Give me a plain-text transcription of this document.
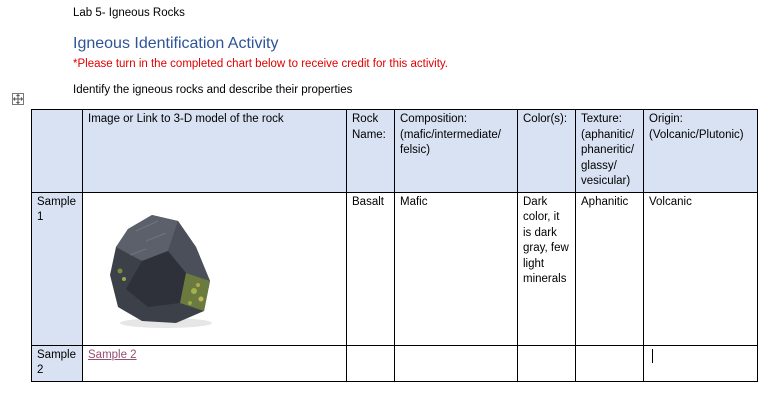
Lab 5- Igneous Rocks
Igneous Identification Activity
*Please turn in the completed chart below to receive credit for this activity.
Identify the igneous rocks and describe their properties
	Image or Link to 3-D model of the rock	Rock Name:	Composition: (mafic/intermediate/ felsic)	Color(s):	Texture: (aphanitic/ phaneritic/ glassy/ vesicular)	Origin: (Volcanic/Plutonic)
Sample 1		Basalt	Mafic	Dark color, it is dark gray, few light minerals	Aphanitic	Volcanic
Sample 2	Sample 2					
